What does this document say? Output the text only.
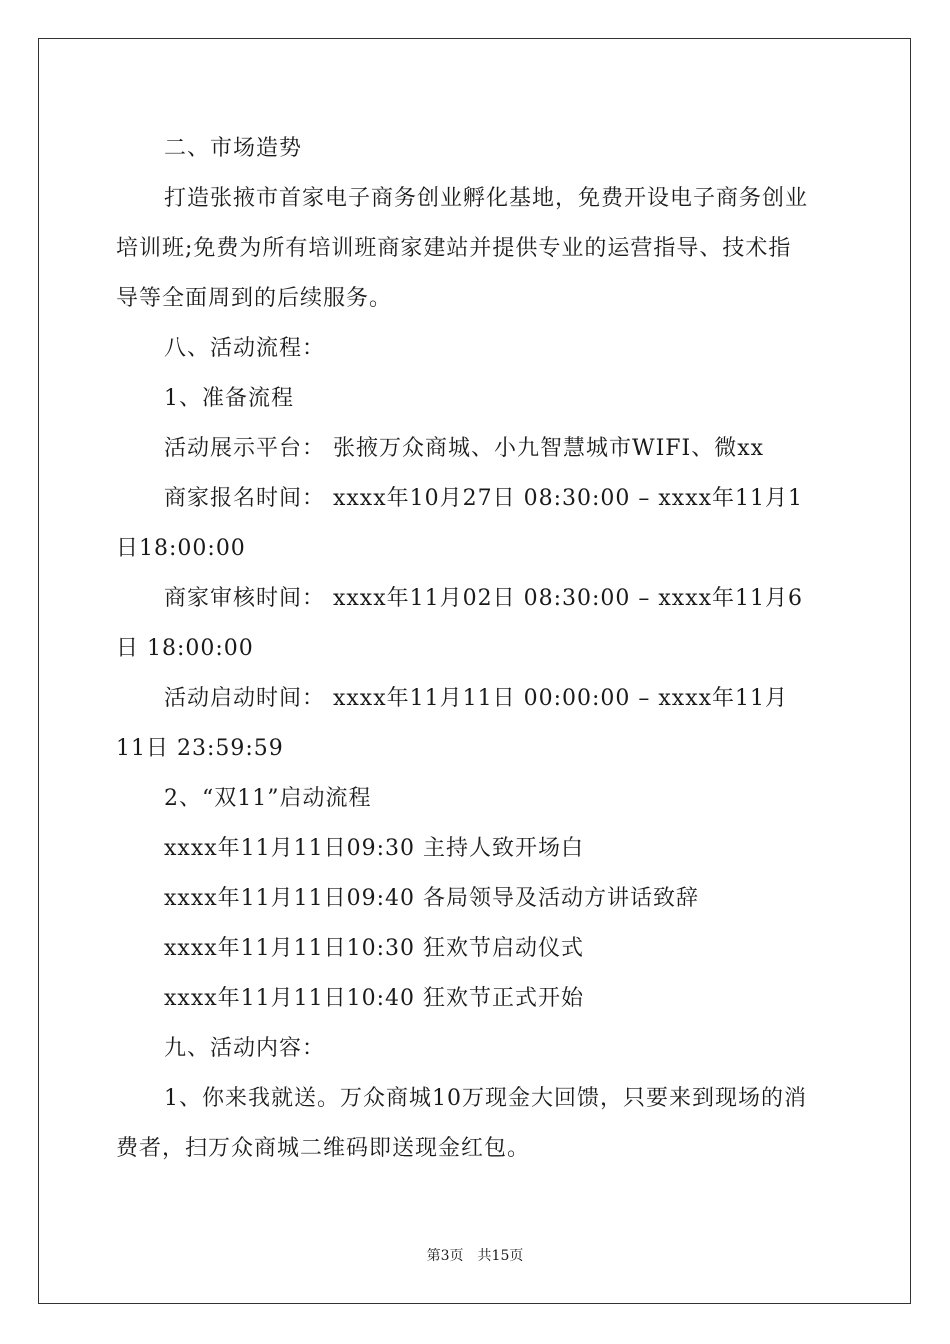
二、市场造势
打造张掖市首家电子商务创业孵化基地，免费开设电子商务创业
培训班;免费为所有培训班商家建站并提供专业的运营指导、技术指
导等全面周到的后续服务。
八、活动流程：
1、准备流程
活动展示平台： 张掖万众商城、小九智慧城市WIFI、微xx
商家报名时间： xxxx年10月27日 08:30:00 – xxxx年11月1
日18:00:00
商家审核时间： xxxx年11月02日 08:30:00 – xxxx年11月6
日 18:00:00
活动启动时间： xxxx年11月11日 00:00:00 – xxxx年11月
11日 23:59:59
2、“双11”启动流程
xxxx年11月11日09:30 主持人致开场白
xxxx年11月11日09:40 各局领导及活动方讲话致辞
xxxx年11月11日10:30 狂欢节启动仪式
xxxx年11月11日10:40 狂欢节正式开始
九、活动内容：
1、你来我就送。万众商城10万现金大回馈，只要来到现场的消
费者，扫万众商城二维码即送现金红包。
第3页 共15页
